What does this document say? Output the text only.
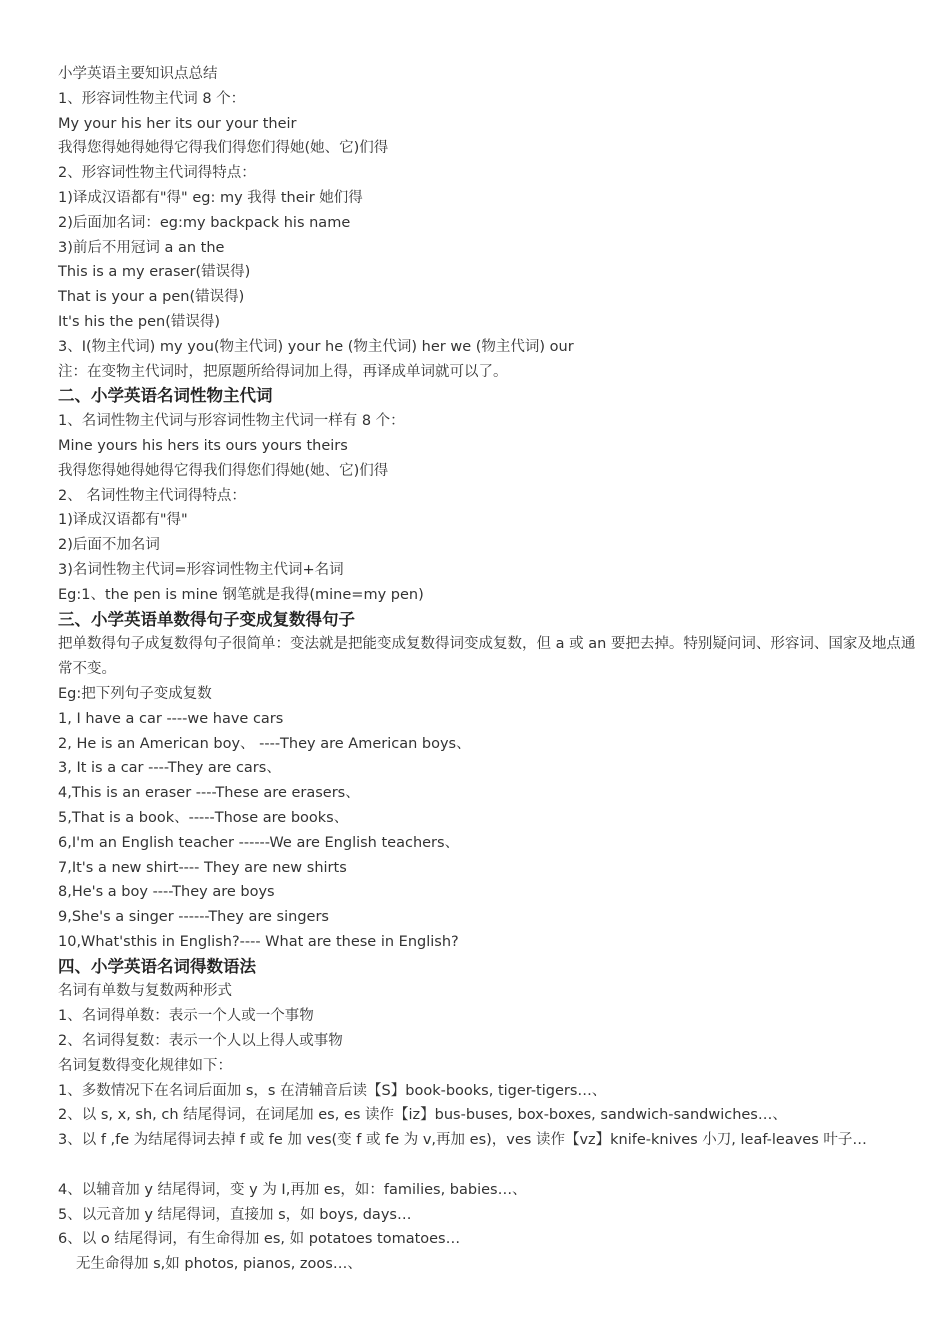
小学英语主要知识点总结
1、形容词性物主代词 8 个：
My your his her its our your their
我得您得她得她得它得我们得您们得她(她、它)们得
2、形容词性物主代词得特点：
1)译成汉语都有"得" eg: my 我得 their 她们得
2)后面加名词：eg:my backpack his name
3)前后不用冠词 a an the
This is a my eraser(错误得)
That is your a pen(错误得)
It's his the pen(错误得)
3、I(物主代词) my you(物主代词) your he (物主代词) her we (物主代词) our
注：在变物主代词时，把原题所给得词加上得，再译成单词就可以了。
二、小学英语名词性物主代词
1、名词性物主代词与形容词性物主代词一样有 8 个：
Mine yours his hers its ours yours theirs
我得您得她得她得它得我们得您们得她(她、它)们得
2、 名词性物主代词得特点：
1)译成汉语都有"得"
2)后面不加名词
3)名词性物主代词=形容词性物主代词+名词
Eg:1、the pen is mine 钢笔就是我得(mine=my pen)
三、小学英语单数得句子变成复数得句子
把单数得句子成复数得句子很简单：变法就是把能变成复数得词变成复数，但 a 或 an 要把去掉。特别疑问词、形容词、国家及地点通常不变。
Eg:把下列句子变成复数
1, I have a car ----we have cars
2, He is an American boy、 ----They are American boys、
3, It is a car ----They are cars、
4,This is an eraser ----These are erasers、
5,That is a book、-----Those are books、
6,I'm an English teacher ------We are English teachers、
7,It's a new shirt---- They are new shirts
8,He's a boy ----They are boys
9,She's a singer ------They are singers
10,What'sthis in English?---- What are these in English?
四、小学英语名词得数语法
名词有单数与复数两种形式
1、名词得单数：表示一个人或一个事物
2、名词得复数：表示一个人以上得人或事物
名词复数得变化规律如下：
1、多数情况下在名词后面加 s，s 在清辅音后读【S】book-books, tiger-tigers…、
2、以 s, x, sh, ch 结尾得词，在词尾加 es, es 读作【iz】bus-buses, box-boxes, sandwich-sandwiches…、
3、以 f ,fe 为结尾得词去掉 f 或 fe 加 ves(变 f 或 fe 为 v,再加 es)，ves 读作【vz】knife-knives 小刀, leaf-leaves 叶子…
4、以辅音加 y 结尾得词，变 y 为 I,再加 es，如：families, babies…、
5、以元音加 y 结尾得词，直接加 s，如 boys, days…
6、以 o 结尾得词，有生命得加 es, 如 potatoes tomatoes…
无生命得加 s,如 photos, pianos, zoos…、
